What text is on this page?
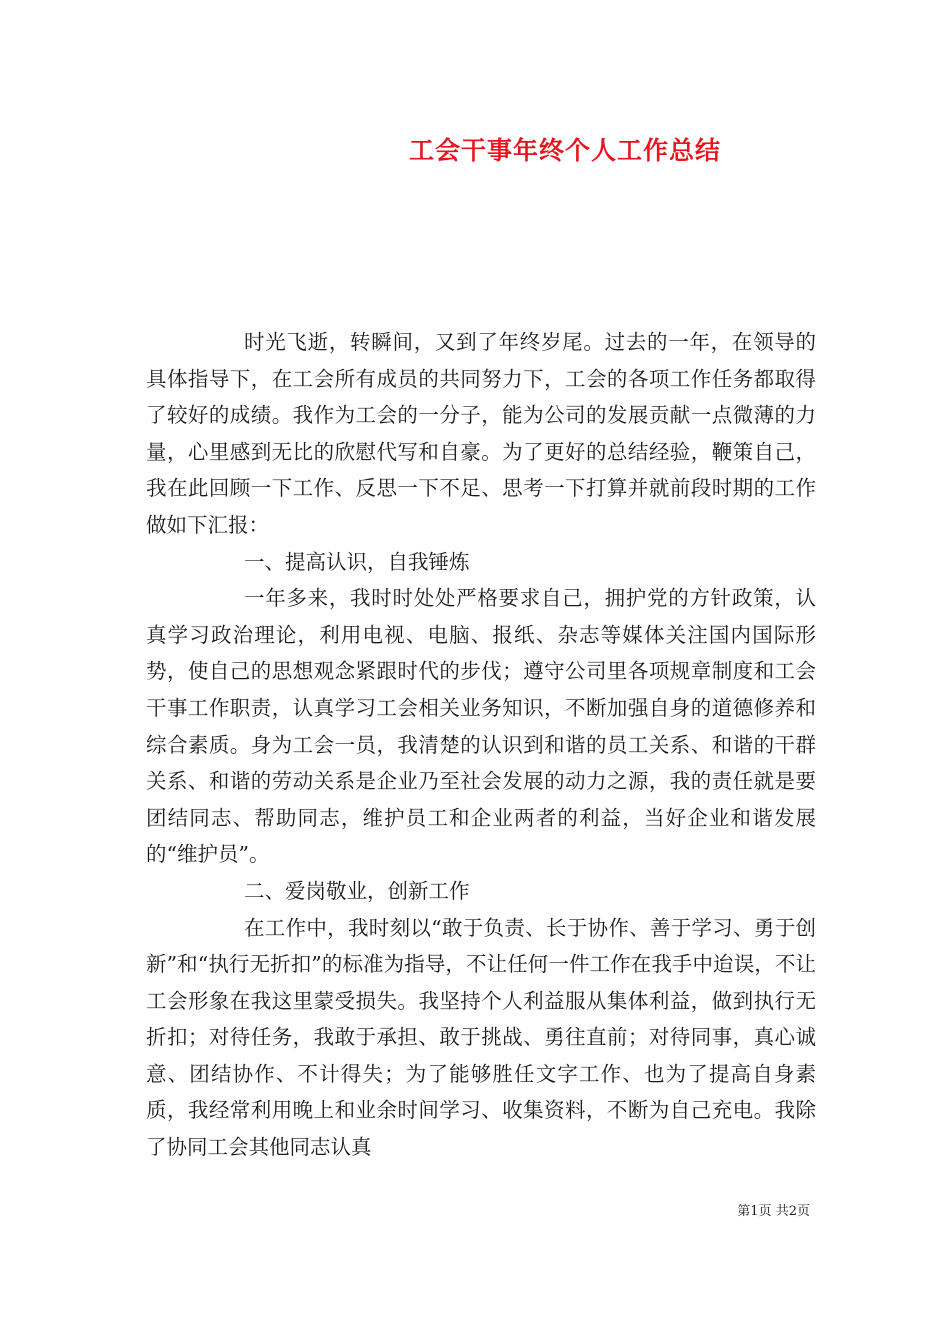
工会干事年终个人工作总结

时光飞逝，转瞬间，又到了年终岁尾。过去的一年，在领导的具体指导下，在工会所有成员的共同努力下，工会的各项工作任务都取得了较好的成绩。我作为工会的一分子，能为公司的发展贡献一点微薄的力量，心里感到无比的欣慰代写和自豪。为了更好的总结经验，鞭策自己，我在此回顾一下工作、反思一下不足、思考一下打算并就前段时期的工作做如下汇报：

一、提高认识，自我锤炼

一年多来，我时时处处严格要求自己，拥护党的方针政策，认真学习政治理论，利用电视、电脑、报纸、杂志等媒体关注国内国际形势，使自己的思想观念紧跟时代的步伐；遵守公司里各项规章制度和工会干事工作职责，认真学习工会相关业务知识，不断加强自身的道德修养和综合素质。身为工会一员，我清楚的认识到和谐的员工关系、和谐的干群关系、和谐的劳动关系是企业乃至社会发展的动力之源，我的责任就是要团结同志、帮助同志，维护员工和企业两者的利益，当好企业和谐发展的“维护员”。

二、爱岗敬业，创新工作

在工作中，我时刻以“敢于负责、长于协作、善于学习、勇于创新”和“执行无折扣”的标准为指导，不让任何一件工作在我手中迨误，不让工会形象在我这里蒙受损失。我坚持个人利益服从集体利益，做到执行无折扣；对待任务，我敢于承担、敢于挑战、勇往直前；对待同事，真心诚意、团结协作、不计得失；为了能够胜任文字工作、也为了提高自身素质，我经常利用晚上和业余时间学习、收集资料，不断为自己充电。我除了协同工会其他同志认真

第1页 共2页
